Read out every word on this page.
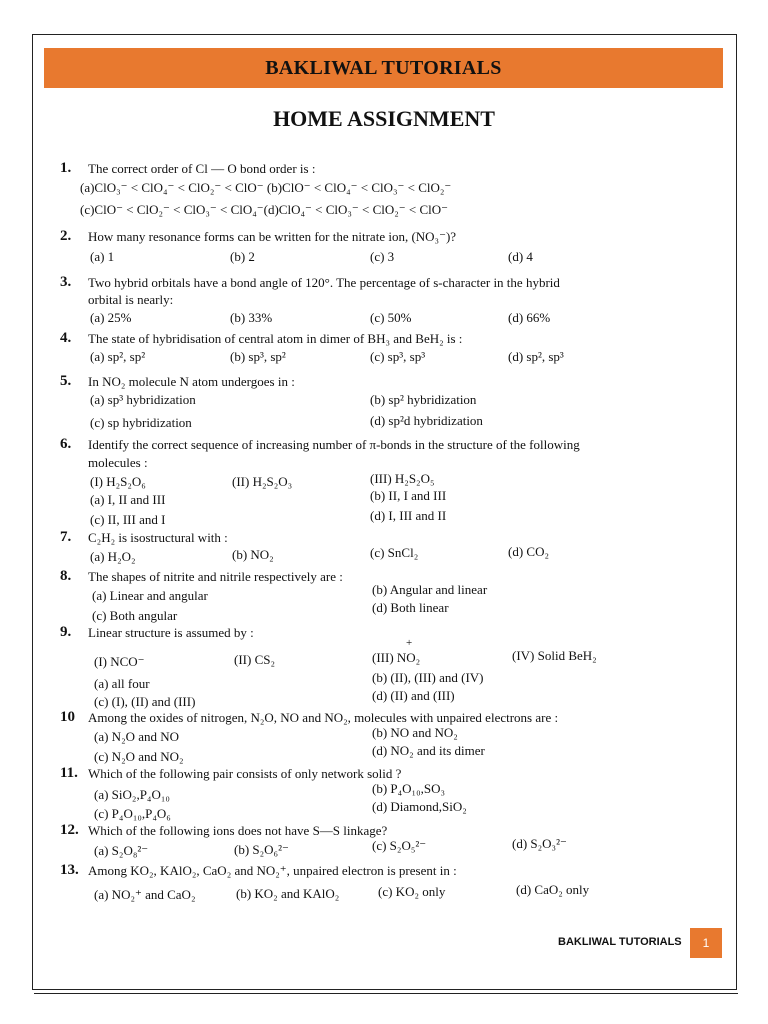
BAKLIWAL TUTORIALS
HOME ASSIGNMENT
1. The correct order of Cl — O bond order is :
(a)ClO₃⁻ < ClO₄⁻ < ClO₂⁻ < ClO⁻ (b)ClO⁻ < ClO₄⁻ < ClO₃⁻ < ClO₂⁻
(c)ClO⁻ < ClO₂⁻ < ClO₃⁻ < ClO₄⁻(d)ClO₄⁻ < ClO₃⁻ < ClO₂⁻ < ClO⁻
2. How many resonance forms can be written for the nitrate ion, (NO₃⁻)?
(a) 1	(b) 2	(c) 3	(d) 4
3. Two hybrid orbitals have a bond angle of 120°. The percentage of s-character in the hybrid
orbital is nearly:
(a) 25%	(b) 33%	(c) 50%	(d) 66%
4. The state of hybridisation of central atom in dimer of BH₃ and BeH₂ is :
(a) sp², sp²	(b) sp³, sp²	(c) sp³, sp³	(d) sp², sp³
5. In NO₂ molecule N atom undergoes in :
(a) sp³ hybridization	(b) sp² hybridization
(c) sp hybridization	(d) sp²d hybridization
6. Identify the correct sequence of increasing number of π-bonds in the structure of the following
molecules :
(I) H₂S₂O₆	(II) H₂S₂O₃	(III) H₂S₂O₅
(a) I, II and III	(b) II, I and III
(c) II, III and I	(d) I, III and II
7. C₂H₂ is isostructural with :
(a) H₂O₂	(b) NO₂	(c) SnCl₂	(d) CO₂
8. The shapes of nitrite and nitrile respectively are :
(a) Linear and angular	(b) Angular and linear
(c) Both angular
(d) Both linear
9. Linear structure is assumed by :
+
(I) NCO⁻	(II) CS₂	(III) NO₂	(IV) Solid BeH₂
(a) all four	(b) (II), (III) and (IV)
(c) (I), (II) and (III)	(d) (II) and (III)
10 Among the oxides of nitrogen, N₂O, NO and NO₂, molecules with unpaired electrons are :
(a) N₂O and NO	(b) NO and NO₂
(c) N₂O and NO₂	(d) NO₂ and its dimer
11. Which of the following pair consists of only network solid ?
(a) SiO₂,P₄O₁₀	(b) P₄O₁₀,SO₃
(c) P₄O₁₀,P₄O₆	(d) Diamond,SiO₂
12. Which of the following ions does not have S—S linkage?
(a) S₂O₈²⁻	(b) S₂O₆²⁻	(c) S₂O₅²⁻	(d) S₂O₃²⁻
13. Among KO₂, KAlO₂, CaO₂ and NO₂⁺, unpaired electron is present in :
(a) NO₂⁺ and CaO₂	(b) KO₂ and KAlO₂	(c) KO₂ only	(d) CaO₂ only
BAKLIWAL TUTORIALS 1
